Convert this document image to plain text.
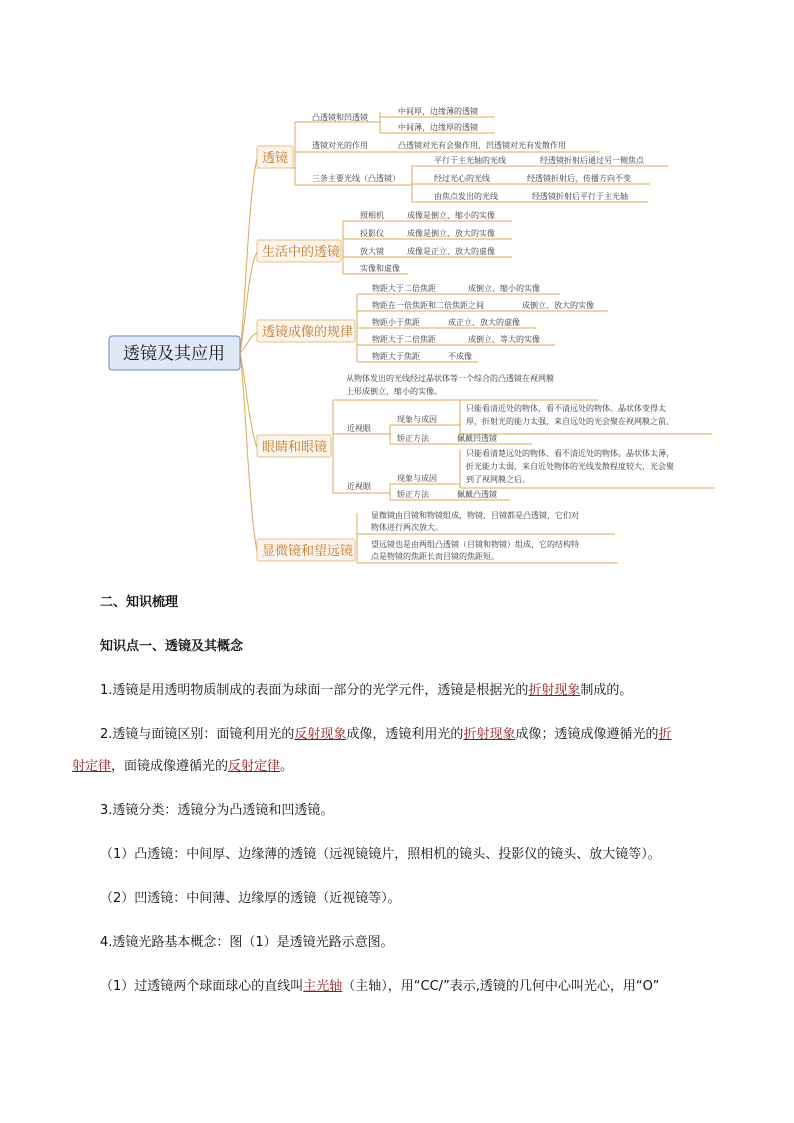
透镜及其应用
透镜
生活中的透镜
透镜成像的规律
眼睛和眼镜
显微镜和望远镜
凸透镜和凹透镜
中间厚，边缘薄的透镜
中间薄，边缘厚的透镜
透镜对光的作用	凸透镜对光有会聚作用，凹透镜对光有发散作用
三条主要光线（凸透镜）
平行于主光轴的光线	经透镜折射后通过另一侧焦点
经过光心的光线	经透镜折射后，传播方向不变
由焦点发出的光线	经透镜折射后平行于主光轴
照相机	成像是倒立、缩小的实像
投影仪	成像是倒立、放大的实像
放大镜	成像是正立、放大的虚像
实像和虚像
物距大于二倍焦距	成倒立、缩小的实像
物距在一倍焦距和二倍焦距之间	成倒立、放大的实像
物距小于焦距	成正立、放大的虚像
物距大于二倍焦距	成倒立、等大的实像
物距大于焦距	不成像
从物体发出的光线经过晶状体等一个综合的凸透镜在视网膜
上形成倒立，缩小的实像。
近视眼
现象与成因
只能看清近处的物体，看不清远处的物体。晶状体变得太
厚，折射光的能力太强，来自远处的光会聚在视网膜之前。
矫正方法	佩戴凹透镜
只能看清楚远处的物体、看不清近处的物体。晶状体太薄，
折光能力太弱，来自近处物体的光线发散程度较大，光会聚
到了视网膜之后。
近视眼
现象与成因
矫正方法	佩戴凸透镜
显微镜由目镜和物镜组成，物镜、目镜都是凸透镜，它们对
物体进行两次放大。
望远镜也是由两组凸透镜（目镜和物镜）组成，它的结构特
点是物镜的焦距长而目镜的焦距短。
二、知识梳理
知识点一、透镜及其概念
1.透镜是用透明物质制成的表面为球面一部分的光学元件，透镜是根据光的折射现象制成的。
2.透镜与面镜区别：面镜利用光的反射现象成像，透镜利用光的折射现象成像；透镜成像遵循光的折
射定律，面镜成像遵循光的反射定律。
3.透镜分类：透镜分为凸透镜和凹透镜。
（1）凸透镜：中间厚、边缘薄的透镜（远视镜镜片，照相机的镜头、投影仪的镜头、放大镜等）。
（2）凹透镜：中间薄、边缘厚的透镜（近视镜等）。
4.透镜光路基本概念：图（1）是透镜光路示意图。
（1）过透镜两个球面球心的直线叫主光轴（主轴），用“CC/”表示,透镜的几何中心叫光心，用“O”
